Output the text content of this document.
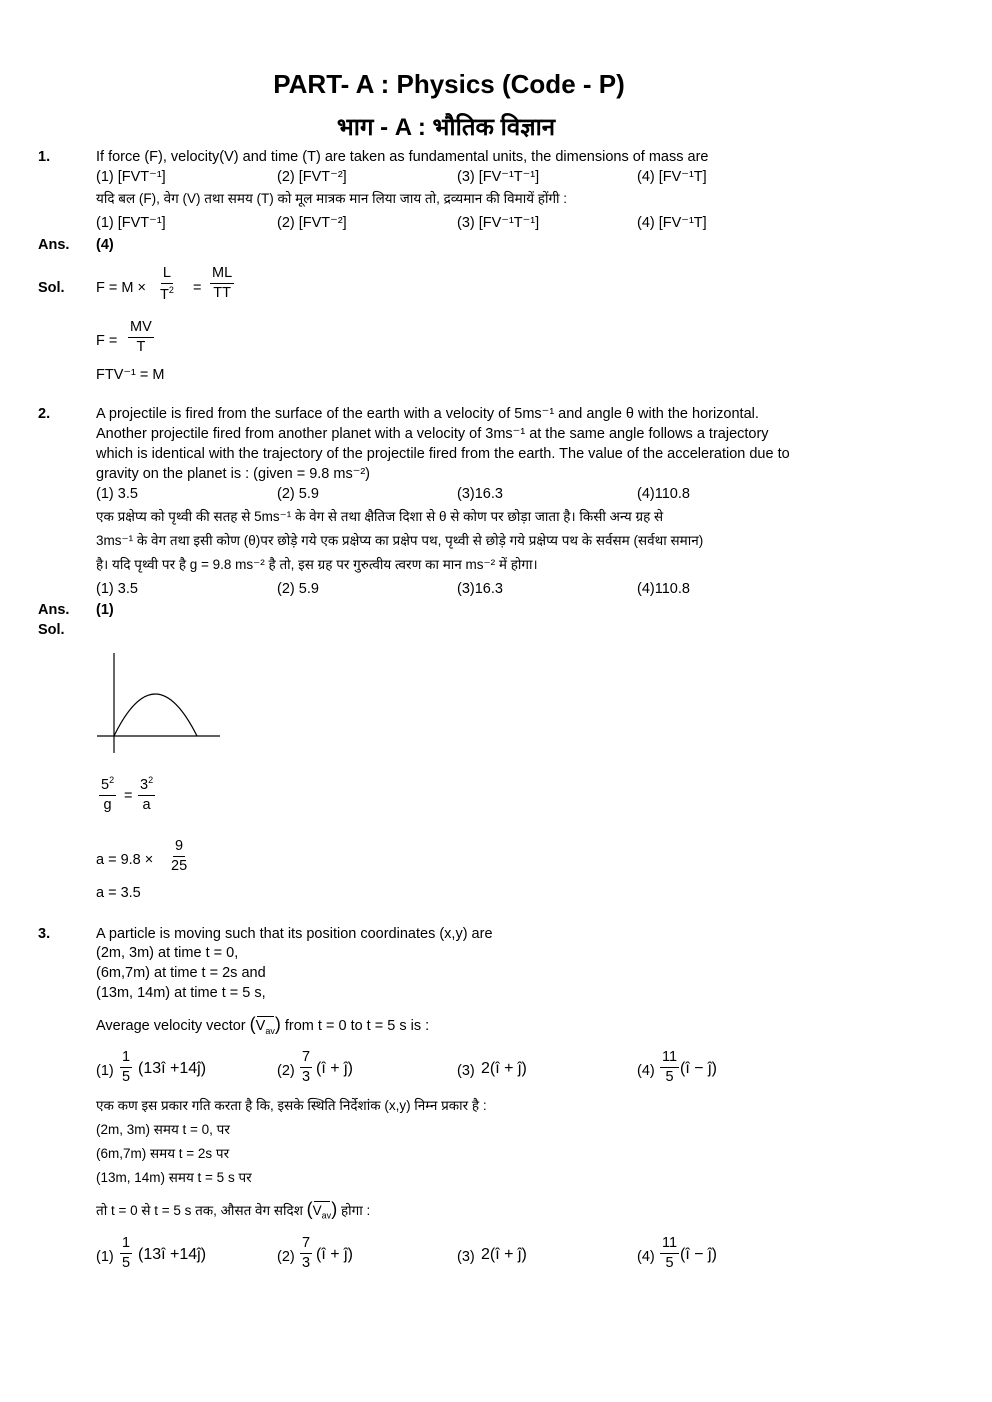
PART- A : Physics (Code - P)
भाग - A : भौतिक विज्ञान
1.	If force (F), velocity(V) and time (T) are taken as fundamental units, the dimensions of mass are
(1) [FVT⁻¹]	(2) [FVT⁻²]	(3) [FV⁻¹T⁻¹]	(4) [FV⁻¹T]
यदि बल (F), वेग (V) तथा समय (T) को मूल मात्रक मान लिया जाय तो, द्रव्यमान की विमायें होंगी :
(1) [FVT⁻¹]	(2) [FVT⁻²]	(3) [FV⁻¹T⁻¹]	(4) [FV⁻¹T]
Ans. (4)
Sol. $F = M \times \frac{L}{T^2} = \frac{ML}{TT}$
$F = \frac{MV}{T}$
FTV⁻¹ = M
2.	A projectile is fired from the surface of the earth with a velocity of 5ms⁻¹ and angle θ with the horizontal.
Another projectile fired from another planet with a velocity of 3ms⁻¹ at the same angle follows a trajectory
which is identical with the trajectory of the projectile fired from the earth. The value of the acceleration due to
gravity on the planet is : (given = 9.8 ms⁻²)
(1) 3.5	(2) 5.9	(3)16.3	(4)110.8
एक प्रक्षेप्य को पृथ्वी की सतह से 5ms⁻¹ के वेग से तथा क्षैतिज दिशा से θ से कोण पर छोड़ा जाता है। किसी अन्य ग्रह से
3ms⁻¹ के वेग तथा इसी कोण (θ)पर छोड़े गये एक प्रक्षेप्य का प्रक्षेप पथ, पृथ्वी से छोड़े गये प्रक्षेप्य पथ के सर्वसम (सर्वथा समान)
है। यदि पृथ्वी पर है g = 9.8 ms⁻² है तो, इस ग्रह पर गुरुत्वीय त्वरण का मान ms⁻² में होगा।
(1) 3.5	(2) 5.9	(3)16.3	(4)110.8
Ans. (1)
Sol.
$\frac{5^2}{g} = \frac{3^2}{a}$
$a = 9.8 \times \frac{9}{25}$
a = 3.5
3.	A particle is moving such that its position coordinates (x,y) are
(2m, 3m) at time t = 0,
(6m,7m) at time t = 2s and
(13m, 14m) at time t = 5 s,
Average velocity vector $(V_{av})$ from t = 0 to t = 5 s is :
$(1) \frac{1}{5}$ (13î +14ĵ)	$(2) \frac{7}{3}$ (î + ĵ)	(3) 2(î + ĵ)	$(4) \frac{11}{5}$ (î − ĵ)
एक कण इस प्रकार गति करता है कि, इसके स्थिति निर्देशांक (x,y) निम्न प्रकार है :
(2m, 3m) समय t = 0, पर
(6m,7m) समय t = 2s पर
(13m, 14m) समय t = 5 s पर
तो t = 0 से t = 5 s तक, औसत वेग सदिश $(V_{av})$ होगा :
$(1) \frac{1}{5}$ (13î +14ĵ)	$(2) \frac{7}{3}$ (î + ĵ)	(3) 2(î + ĵ)	$(4) \frac{11}{5}$ (î − ĵ)
